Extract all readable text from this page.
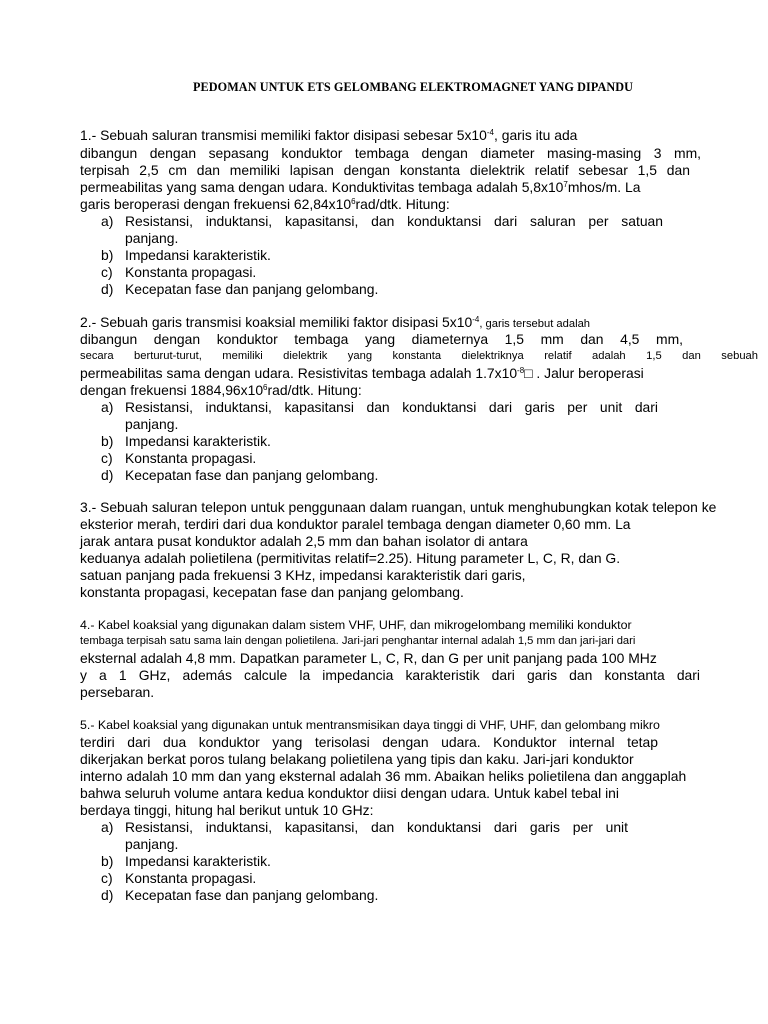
PEDOMAN UNTUK ETS GELOMBANG ELEKTROMAGNET YANG DIPANDU
1.- Sebuah saluran transmisi memiliki faktor disipasi sebesar $5x10^{-4}$, garis itu ada
dibangun dengan sepasang konduktor tembaga dengan diameter masing-masing 3 mm,
terpisah 2,5 cm dan memiliki lapisan dengan konstanta dielektrik relatif sebesar 1,5 dan
permeabilitas yang sama dengan udara. Konduktivitas tembaga adalah $5,8x10^7mhos/m$. La
garis beroperasi dengan frekuensi $62,84x10^6rad$/dtk. Hitung:
a) Resistansi, induktansi, kapasitansi, dan konduktansi dari saluran per satuan
panjang.
b) Impedansi karakteristik.
c) Konstanta propagasi.
d) Kecepatan fase dan panjang gelombang.
2.- Sebuah garis transmisi koaksial memiliki faktor disipasi $5x10^{-4}$, garis tersebut adalah
dibangun dengan konduktor tembaga yang diameternya 1,5 mm dan 4,5 mm,
secara berturut-turut, memiliki dielektrik yang konstanta dielektriknya relatif adalah 1,5 dan sebuah
permeabilitas sama dengan udara. Resistivitas tembaga adalah $1.7x10^{-8}□$ . Jalur beroperasi
dengan frekuensi $1884,96x10^6rad$/dtk. Hitung:
a) Resistansi, induktansi, kapasitansi dan konduktansi dari garis per unit dari
panjang.
b) Impedansi karakteristik.
c) Konstanta propagasi.
d) Kecepatan fase dan panjang gelombang.
3.- Sebuah saluran telepon untuk penggunaan dalam ruangan, untuk menghubungkan kotak telepon ke
eksterior merah, terdiri dari dua konduktor paralel tembaga dengan diameter 0,60 mm. La
jarak antara pusat konduktor adalah 2,5 mm dan bahan isolator di antara
keduanya adalah polietilena (permitivitas relatif=2.25). Hitung parameter L, C, R, dan G.
satuan panjang pada frekuensi 3 KHz, impedansi karakteristik dari garis,
konstanta propagasi, kecepatan fase dan panjang gelombang.
4.- Kabel koaksial yang digunakan dalam sistem VHF, UHF, dan mikrogelombang memiliki konduktor
tembaga terpisah satu sama lain dengan polietilena. Jari-jari penghantar internal adalah 1,5 mm dan jari-jari dari
eksternal adalah 4,8 mm. Dapatkan parameter L, C, R, dan G per unit panjang pada 100 MHz
y a 1 GHz, además calcule la impedancia karakteristik dari garis dan konstanta dari
persebaran.
5.- Kabel koaksial yang digunakan untuk mentransmisikan daya tinggi di VHF, UHF, dan gelombang mikro
terdiri dari dua konduktor yang terisolasi dengan udara. Konduktor internal tetap
dikerjakan berkat poros tulang belakang polietilena yang tipis dan kaku. Jari-jari konduktor
interno adalah 10 mm dan yang eksternal adalah 36 mm. Abaikan heliks polietilena dan anggaplah
bahwa seluruh volume antara kedua konduktor diisi dengan udara. Untuk kabel tebal ini
berdaya tinggi, hitung hal berikut untuk 10 GHz:
a) Resistansi, induktansi, kapasitansi, dan konduktansi dari garis per unit
panjang.
b) Impedansi karakteristik.
c) Konstanta propagasi.
d) Kecepatan fase dan panjang gelombang.
